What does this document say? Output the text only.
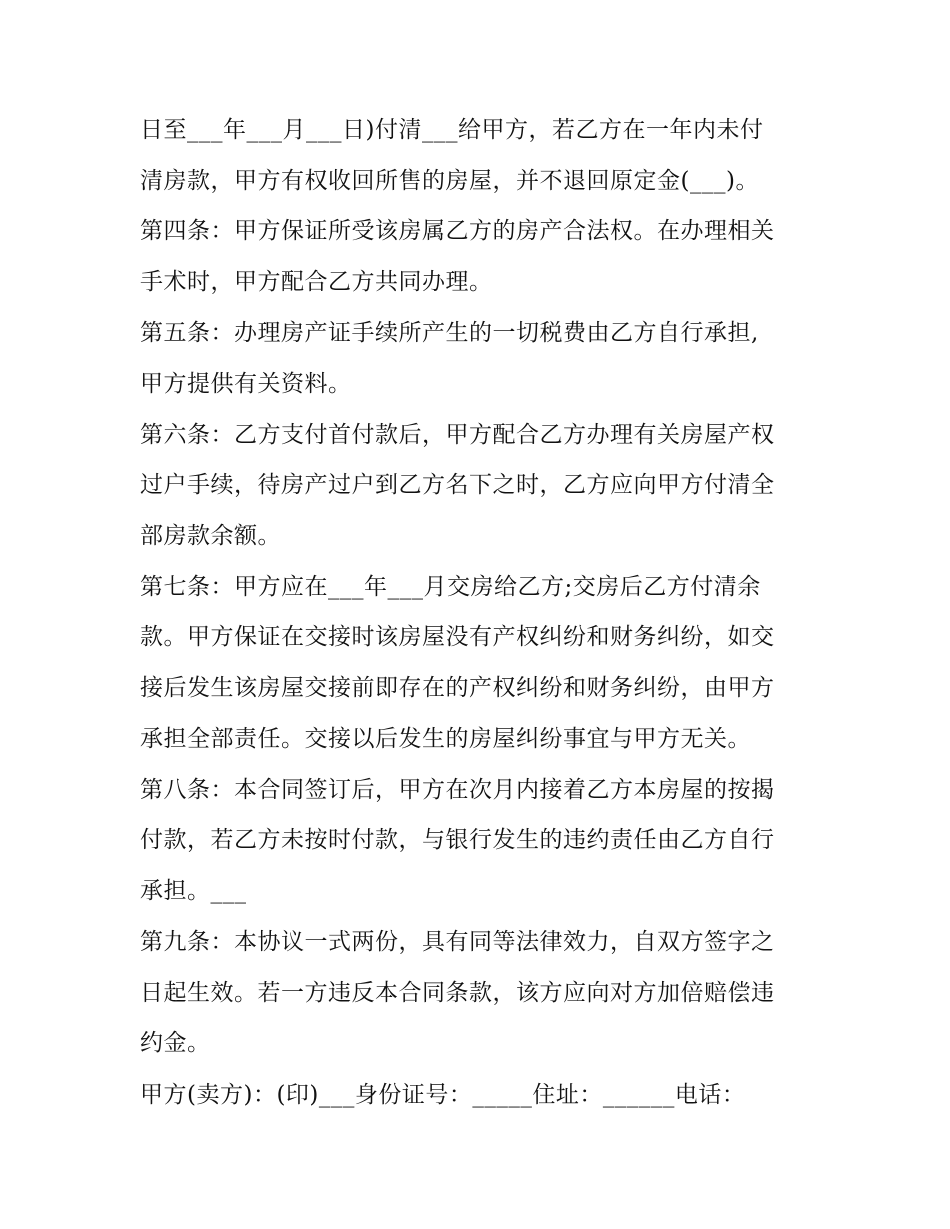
日至___年___月___日)付清___给甲方，若乙方在一年内未付
清房款，甲方有权收回所售的房屋，并不退回原定金(___)。
第四条：甲方保证所受该房属乙方的房产合法权。在办理相关
手术时，甲方配合乙方共同办理。
第五条：办理房产证手续所产生的一切税费由乙方自行承担,
甲方提供有关资料。
第六条：乙方支付首付款后，甲方配合乙方办理有关房屋产权
过户手续，待房产过户到乙方名下之时，乙方应向甲方付清全
部房款余额。
第七条：甲方应在___年___月交房给乙方;交房后乙方付清余
款。甲方保证在交接时该房屋没有产权纠纷和财务纠纷，如交
接后发生该房屋交接前即存在的产权纠纷和财务纠纷，由甲方
承担全部责任。交接以后发生的房屋纠纷事宜与甲方无关。
第八条：本合同签订后，甲方在次月内接着乙方本房屋的按揭
付款，若乙方未按时付款，与银行发生的违约责任由乙方自行
承担。___
第九条：本协议一式两份，具有同等法律效力，自双方签字之
日起生效。若一方违反本合同条款，该方应向对方加倍赔偿违
约金。
甲方(卖方)：(印)___身份证号：_____住址：______电话：
